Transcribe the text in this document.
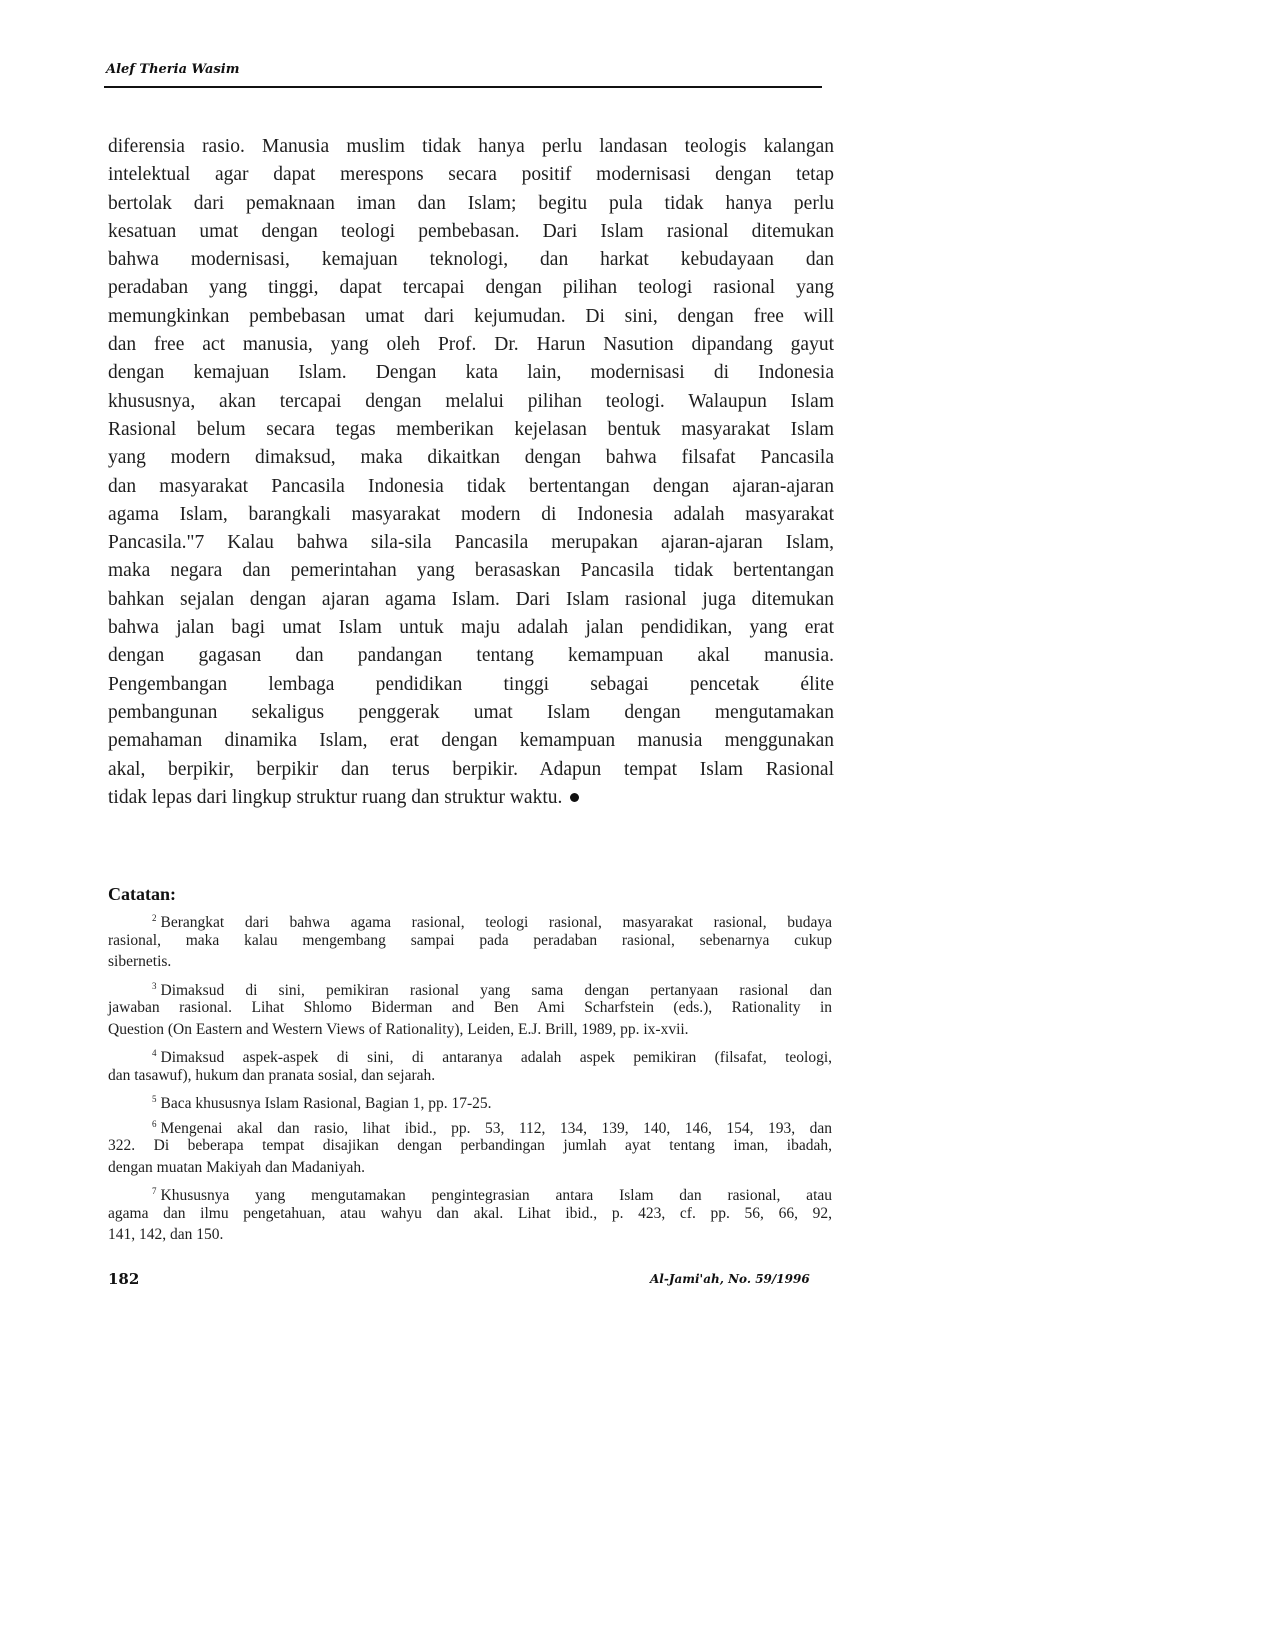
Alef Theria Wasim
diferensia rasio. Manusia muslim tidak hanya perlu landasan teologis kalangan
intelektual agar dapat merespons secara positif modernisasi dengan tetap
bertolak dari pemaknaan iman dan Islam; begitu pula tidak hanya perlu
kesatuan umat dengan teologi pembebasan. Dari Islam rasional ditemukan
bahwa modernisasi, kemajuan teknologi, dan harkat kebudayaan dan
peradaban yang tinggi, dapat tercapai dengan pilihan teologi rasional yang
memungkinkan pembebasan umat dari kejumudan. Di sini, dengan free will
dan free act manusia, yang oleh Prof. Dr. Harun Nasution dipandang gayut
dengan kemajuan Islam. Dengan kata lain, modernisasi di Indonesia
khususnya, akan tercapai dengan melalui pilihan teologi. Walaupun Islam
Rasional belum secara tegas memberikan kejelasan bentuk masyarakat Islam
yang modern dimaksud, maka dikaitkan dengan bahwa filsafat Pancasila
dan masyarakat Pancasila Indonesia tidak bertentangan dengan ajaran-ajaran
agama Islam, barangkali masyarakat modern di Indonesia adalah masyarakat
Pancasila."7 Kalau bahwa sila-sila Pancasila merupakan ajaran-ajaran Islam,
maka negara dan pemerintahan yang berasaskan Pancasila tidak bertentangan
bahkan sejalan dengan ajaran agama Islam. Dari Islam rasional juga ditemukan
bahwa jalan bagi umat Islam untuk maju adalah jalan pendidikan, yang erat
dengan gagasan dan pandangan tentang kemampuan akal manusia.
Pengembangan lembaga pendidikan tinggi sebagai pencetak élite
pembangunan sekaligus penggerak umat Islam dengan mengutamakan
pemahaman dinamika Islam, erat dengan kemampuan manusia menggunakan
akal, berpikir, berpikir dan terus berpikir. Adapun tempat Islam Rasional
tidak lepas dari lingkup struktur ruang dan struktur waktu.
Catatan:
$^2$ Berangkat dari bahwa agama rasional, teologi rasional, masyarakat rasional, budaya
rasional, maka kalau mengembang sampai pada peradaban rasional, sebenarnya cukup
sibernetis.
$^3$ Dimaksud di sini, pemikiran rasional yang sama dengan pertanyaan rasional dan
jawaban rasional. Lihat Shlomo Biderman and Ben Ami Scharfstein (eds.), Rationality in
Question (On Eastern and Western Views of Rationality), Leiden, E.J. Brill, 1989, pp. ix-xvii.
$^4$ Dimaksud aspek-aspek di sini, di antaranya adalah aspek pemikiran (filsafat, teologi,
dan tasawuf), hukum dan pranata sosial, dan sejarah.
$^5$ Baca khususnya Islam Rasional, Bagian 1, pp. 17-25.
$^6$ Mengenai akal dan rasio, lihat ibid., pp. 53, 112, 134, 139, 140, 146, 154, 193, dan
322. Di beberapa tempat disajikan dengan perbandingan jumlah ayat tentang iman, ibadah,
dengan muatan Makiyah dan Madaniyah.
$^7$ Khususnya yang mengutamakan pengintegrasian antara Islam dan rasional, atau
agama dan ilmu pengetahuan, atau wahyu dan akal. Lihat ibid., p. 423, cf. pp. 56, 66, 92,
141, 142, dan 150.
182	Al-Jami'ah, No. 59/1996
